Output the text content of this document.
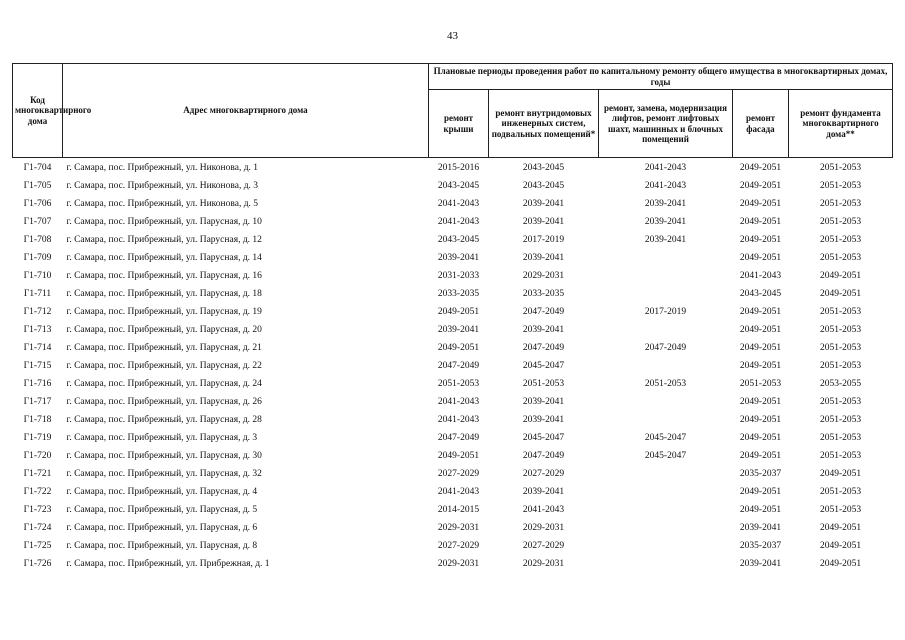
43
Код многоквартирного дома	Адрес многоквартирного дома	Плановые периоды проведения работ по капитальному ремонту общего имущества в многоквартирных домах, годы				
		ремонт крыши	ремонт внутридомовых инженерных систем, подвальных помещений*	ремонт, замена, модернизация лифтов, ремонт лифтовых шахт, машинных и блочных помещений	ремонт фасада	ремонт фундамента многоквартирного дома**
Г1-704	г. Самара, пос. Прибрежный, ул. Никонова, д. 1	2015-2016	2043-2045	2041-2043	2049-2051	2051-2053
Г1-705	г. Самара, пос. Прибрежный, ул. Никонова, д. 3	2043-2045	2043-2045	2041-2043	2049-2051	2051-2053
Г1-706	г. Самара, пос. Прибрежный, ул. Никонова, д. 5	2041-2043	2039-2041	2039-2041	2049-2051	2051-2053
Г1-707	г. Самара, пос. Прибрежный, ул. Парусная, д. 10	2041-2043	2039-2041	2039-2041	2049-2051	2051-2053
Г1-708	г. Самара, пос. Прибрежный, ул. Парусная, д. 12	2043-2045	2017-2019	2039-2041	2049-2051	2051-2053
Г1-709	г. Самара, пос. Прибрежный, ул. Парусная, д. 14	2039-2041	2039-2041		2049-2051	2051-2053
Г1-710	г. Самара, пос. Прибрежный, ул. Парусная, д. 16	2031-2033	2029-2031		2041-2043	2049-2051
Г1-711	г. Самара, пос. Прибрежный, ул. Парусная, д. 18	2033-2035	2033-2035		2043-2045	2049-2051
Г1-712	г. Самара, пос. Прибрежный, ул. Парусная, д. 19	2049-2051	2047-2049	2017-2019	2049-2051	2051-2053
Г1-713	г. Самара, пос. Прибрежный, ул. Парусная, д. 20	2039-2041	2039-2041		2049-2051	2051-2053
Г1-714	г. Самара, пос. Прибрежный, ул. Парусная, д. 21	2049-2051	2047-2049	2047-2049	2049-2051	2051-2053
Г1-715	г. Самара, пос. Прибрежный, ул. Парусная, д. 22	2047-2049	2045-2047		2049-2051	2051-2053
Г1-716	г. Самара, пос. Прибрежный, ул. Парусная, д. 24	2051-2053	2051-2053	2051-2053	2051-2053	2053-2055
Г1-717	г. Самара, пос. Прибрежный, ул. Парусная, д. 26	2041-2043	2039-2041		2049-2051	2051-2053
Г1-718	г. Самара, пос. Прибрежный, ул. Парусная, д. 28	2041-2043	2039-2041		2049-2051	2051-2053
Г1-719	г. Самара, пос. Прибрежный, ул. Парусная, д. 3	2047-2049	2045-2047	2045-2047	2049-2051	2051-2053
Г1-720	г. Самара, пос. Прибрежный, ул. Парусная, д. 30	2049-2051	2047-2049	2045-2047	2049-2051	2051-2053
Г1-721	г. Самара, пос. Прибрежный, ул. Парусная, д. 32	2027-2029	2027-2029		2035-2037	2049-2051
Г1-722	г. Самара, пос. Прибрежный, ул. Парусная, д. 4	2041-2043	2039-2041		2049-2051	2051-2053
Г1-723	г. Самара, пос. Прибрежный, ул. Парусная, д. 5	2014-2015	2041-2043		2049-2051	2051-2053
Г1-724	г. Самара, пос. Прибрежный, ул. Парусная, д. 6	2029-2031	2029-2031		2039-2041	2049-2051
Г1-725	г. Самара, пос. Прибрежный, ул. Парусная, д. 8	2027-2029	2027-2029		2035-2037	2049-2051
Г1-726	г. Самара, пос. Прибрежный, ул. Прибрежная, д. 1	2029-2031	2029-2031		2039-2041	2049-2051
